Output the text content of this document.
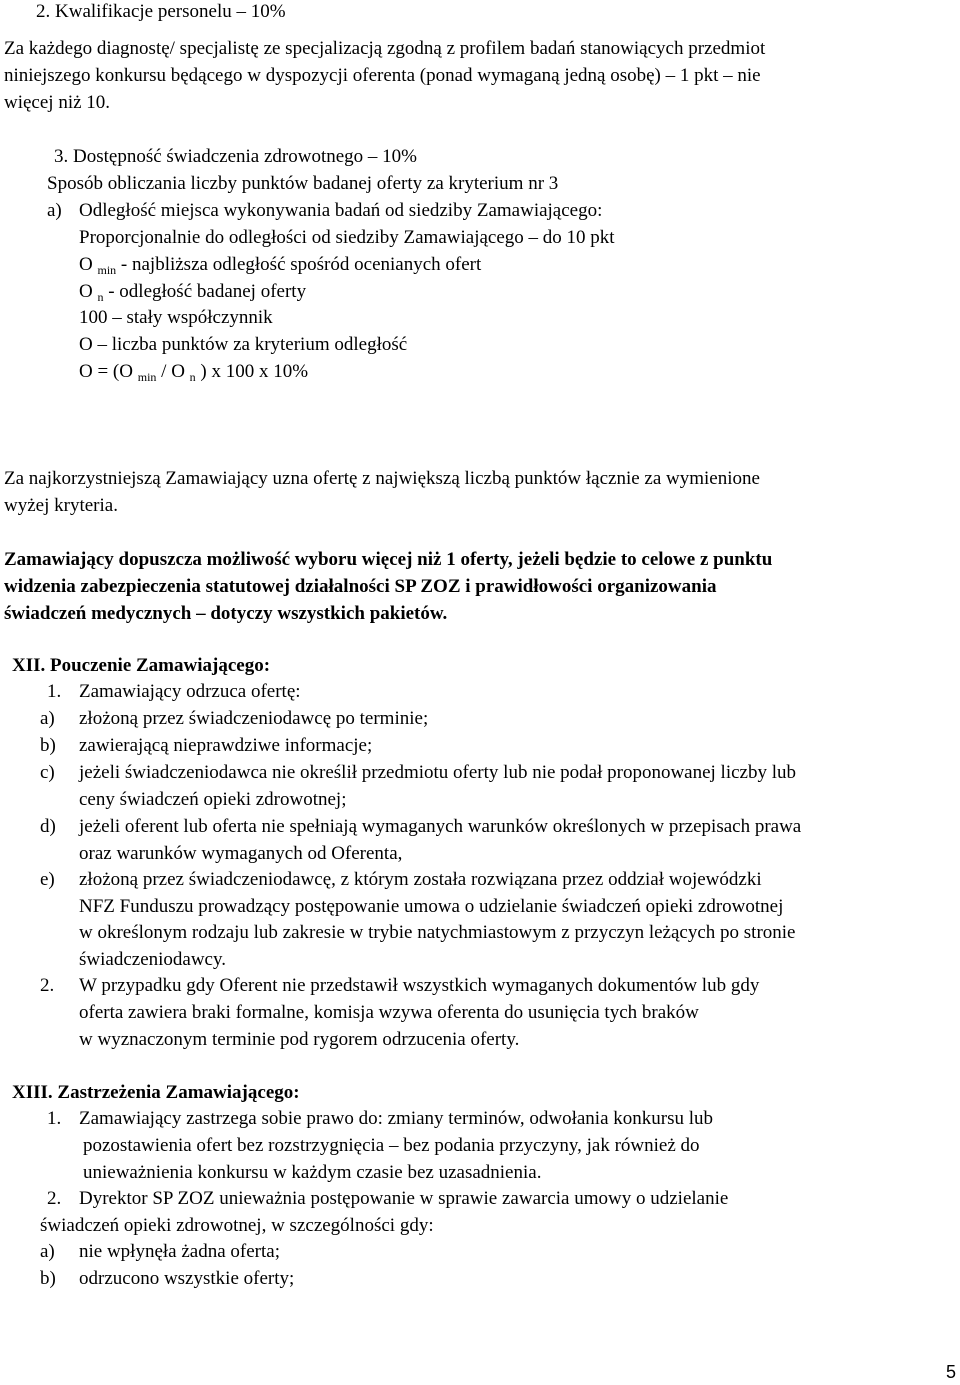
2. Kwalifikacje personelu – 10%
Za każdego diagnostę/ specjalistę ze specjalizacją zgodną z profilem badań stanowiących przedmiot
niniejszego konkursu będącego w dyspozycji oferenta (ponad wymaganą jedną osobę) – 1 pkt – nie
więcej niż 10.
3. Dostępność świadczenia zdrowotnego – 10%
Sposób obliczania liczby punktów badanej oferty za kryterium nr 3
a) Odległość miejsca wykonywania badań od siedziby Zamawiającego:
Proporcjonalnie do odległości od siedziby Zamawiającego – do 10 pkt
O $_{min}$ - najbliższa odległość spośród ocenianych ofert
O $_n$ - odległość badanej oferty
100 – stały współczynnik
O – liczba punktów za kryterium odległość
O = (O $_{min}$ / O $_n$ ) x 100 x 10%
Za najkorzystniejszą Zamawiający uzna ofertę z największą liczbą punktów łącznie za wymienione
wyżej kryteria.
Zamawiający dopuszcza możliwość wyboru więcej niż 1 oferty, jeżeli będzie to celowe z punktu
widzenia zabezpieczenia statutowej działalności SP ZOZ i prawidłowości organizowania
świadczeń medycznych – dotyczy wszystkich pakietów.
XII. Pouczenie Zamawiającego:
1. Zamawiający odrzuca ofertę:
a) złożoną przez świadczeniodawcę po terminie;
b) zawierającą nieprawdziwe informacje;
c) jeżeli świadczeniodawca nie określił przedmiotu oferty lub nie podał proponowanej liczby lub
ceny świadczeń opieki zdrowotnej;
d) jeżeli oferent lub oferta nie spełniają wymaganych warunków określonych w przepisach prawa
oraz warunków wymaganych od Oferenta,
e) złożoną przez świadczeniodawcę, z którym została rozwiązana przez oddział wojewódzki
NFZ Funduszu prowadzący postępowanie umowa o udzielanie świadczeń opieki zdrowotnej
w określonym rodzaju lub zakresie w trybie natychmiastowym z przyczyn leżących po stronie
świadczeniodawcy.
2. W przypadku gdy Oferent nie przedstawił wszystkich wymaganych dokumentów lub gdy
oferta zawiera braki formalne, komisja wzywa oferenta do usunięcia tych braków
w wyznaczonym terminie pod rygorem odrzucenia oferty.
XIII. Zastrzeżenia Zamawiającego:
1. Zamawiający zastrzega sobie prawo do: zmiany terminów, odwołania konkursu lub
pozostawienia ofert bez rozstrzygnięcia – bez podania przyczyny, jak również do
unieważnienia konkursu w każdym czasie bez uzasadnienia.
2. Dyrektor SP ZOZ unieważnia postępowanie w sprawie zawarcia umowy o udzielanie
świadczeń opieki zdrowotnej, w szczególności gdy:
a) nie wpłynęła żadna oferta;
b) odrzucono wszystkie oferty;
5
